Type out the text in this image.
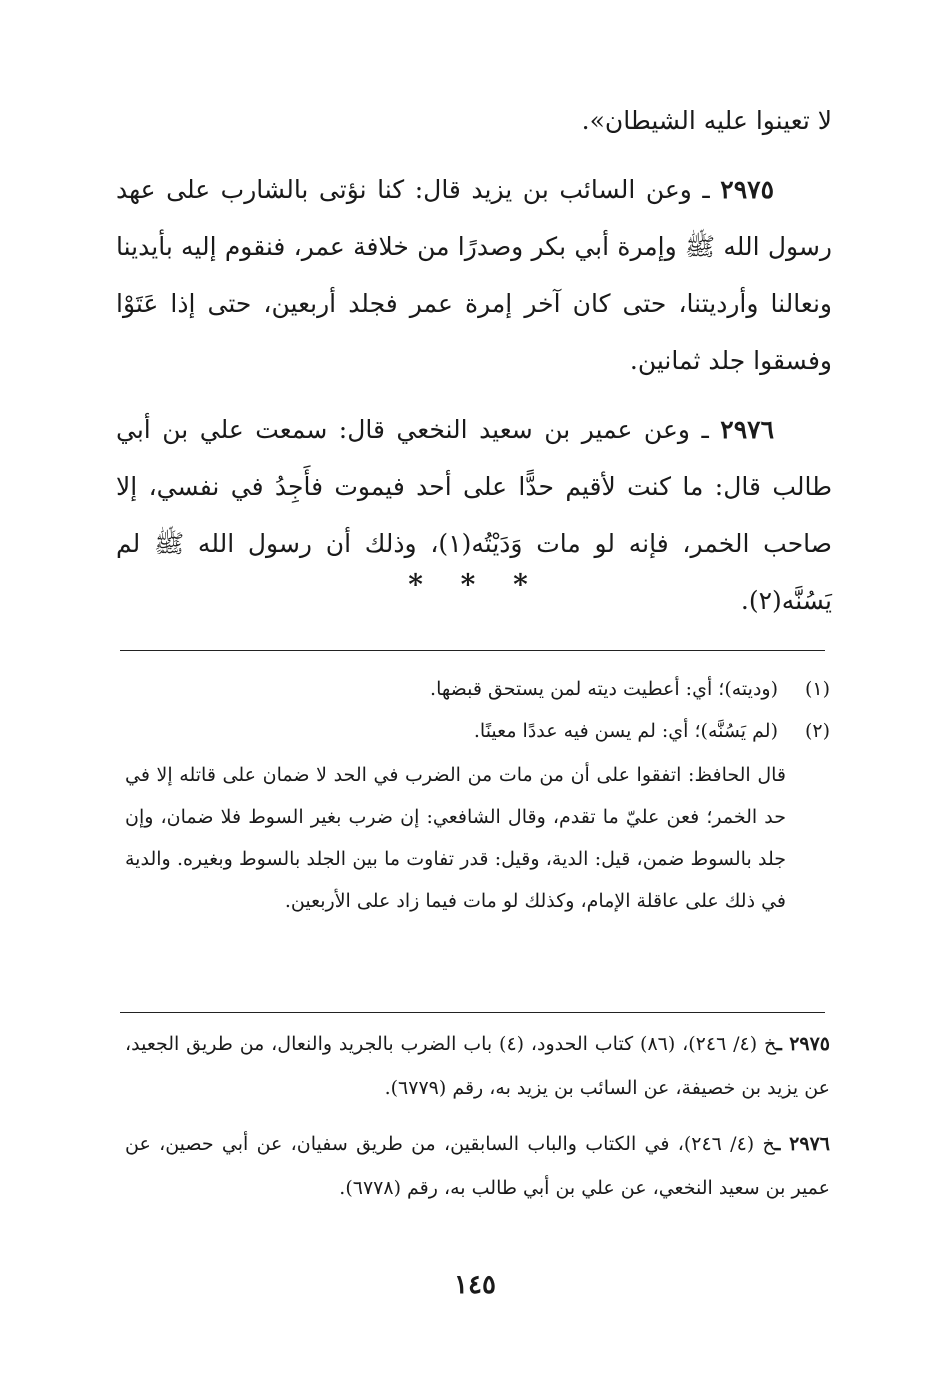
لا تعينوا عليه الشيطان».

٢٩٧٥ ـ وعن السائب بن يزيد قال: كنا نؤتى بالشارب على عهد رسول الله ﷺ وإمرة أبي بكر وصدرًا من خلافة عمر، فنقوم إليه بأيدينا ونعالنا وأرديتنا، حتى كان آخر إمرة عمر فجلد أربعين، حتى إذا عَتَوْا وفسقوا جلد ثمانين.

٢٩٧٦ ـ وعن عمير بن سعيد النخعي قال: سمعت علي بن أبي طالب قال: ما كنت لأقيم حدًّا على أحد فيموت فأَجِدُ في نفسي، إلا صاحب الخمر، فإنه لو مات وَدَيْتُه(١)، وذلك أن رسول الله ﷺ لم يَسُنَّه(٢).

* * *
(١)
(وديته)؛ أي: أعطيت ديته لمن يستحق قبضها.
(٢)
(لم يَسُنَّه)؛ أي: لم يسن فيه عددًا معينًا.
قال الحافظ: اتفقوا على أن من مات من الضرب في الحد لا ضمان على قاتله إلا في حد الخمر؛ فعن عليّ ما تقدم، وقال الشافعي: إن ضرب بغير السوط فلا ضمان، وإن جلد بالسوط ضمن، قيل: الدية، وقيل: قدر تفاوت ما بين الجلد بالسوط وبغيره. والدية في ذلك على عاقلة الإمام، وكذلك لو مات فيما زاد على الأربعين.
٢٩٧٥ ـخ (٤/ ٢٤٦)، (٨٦) كتاب الحدود، (٤) باب الضرب بالجريد والنعال، من طريق الجعيد، عن يزيد بن خصيفة، عن السائب بن يزيد به، رقم (٦٧٧٩).
٢٩٧٦ ـخ (٤/ ٢٤٦)، في الكتاب والباب السابقين، من طريق سفيان، عن أبي حصين، عن عمير بن سعيد النخعي، عن علي بن أبي طالب به، رقم (٦٧٧٨).
١٤٥
